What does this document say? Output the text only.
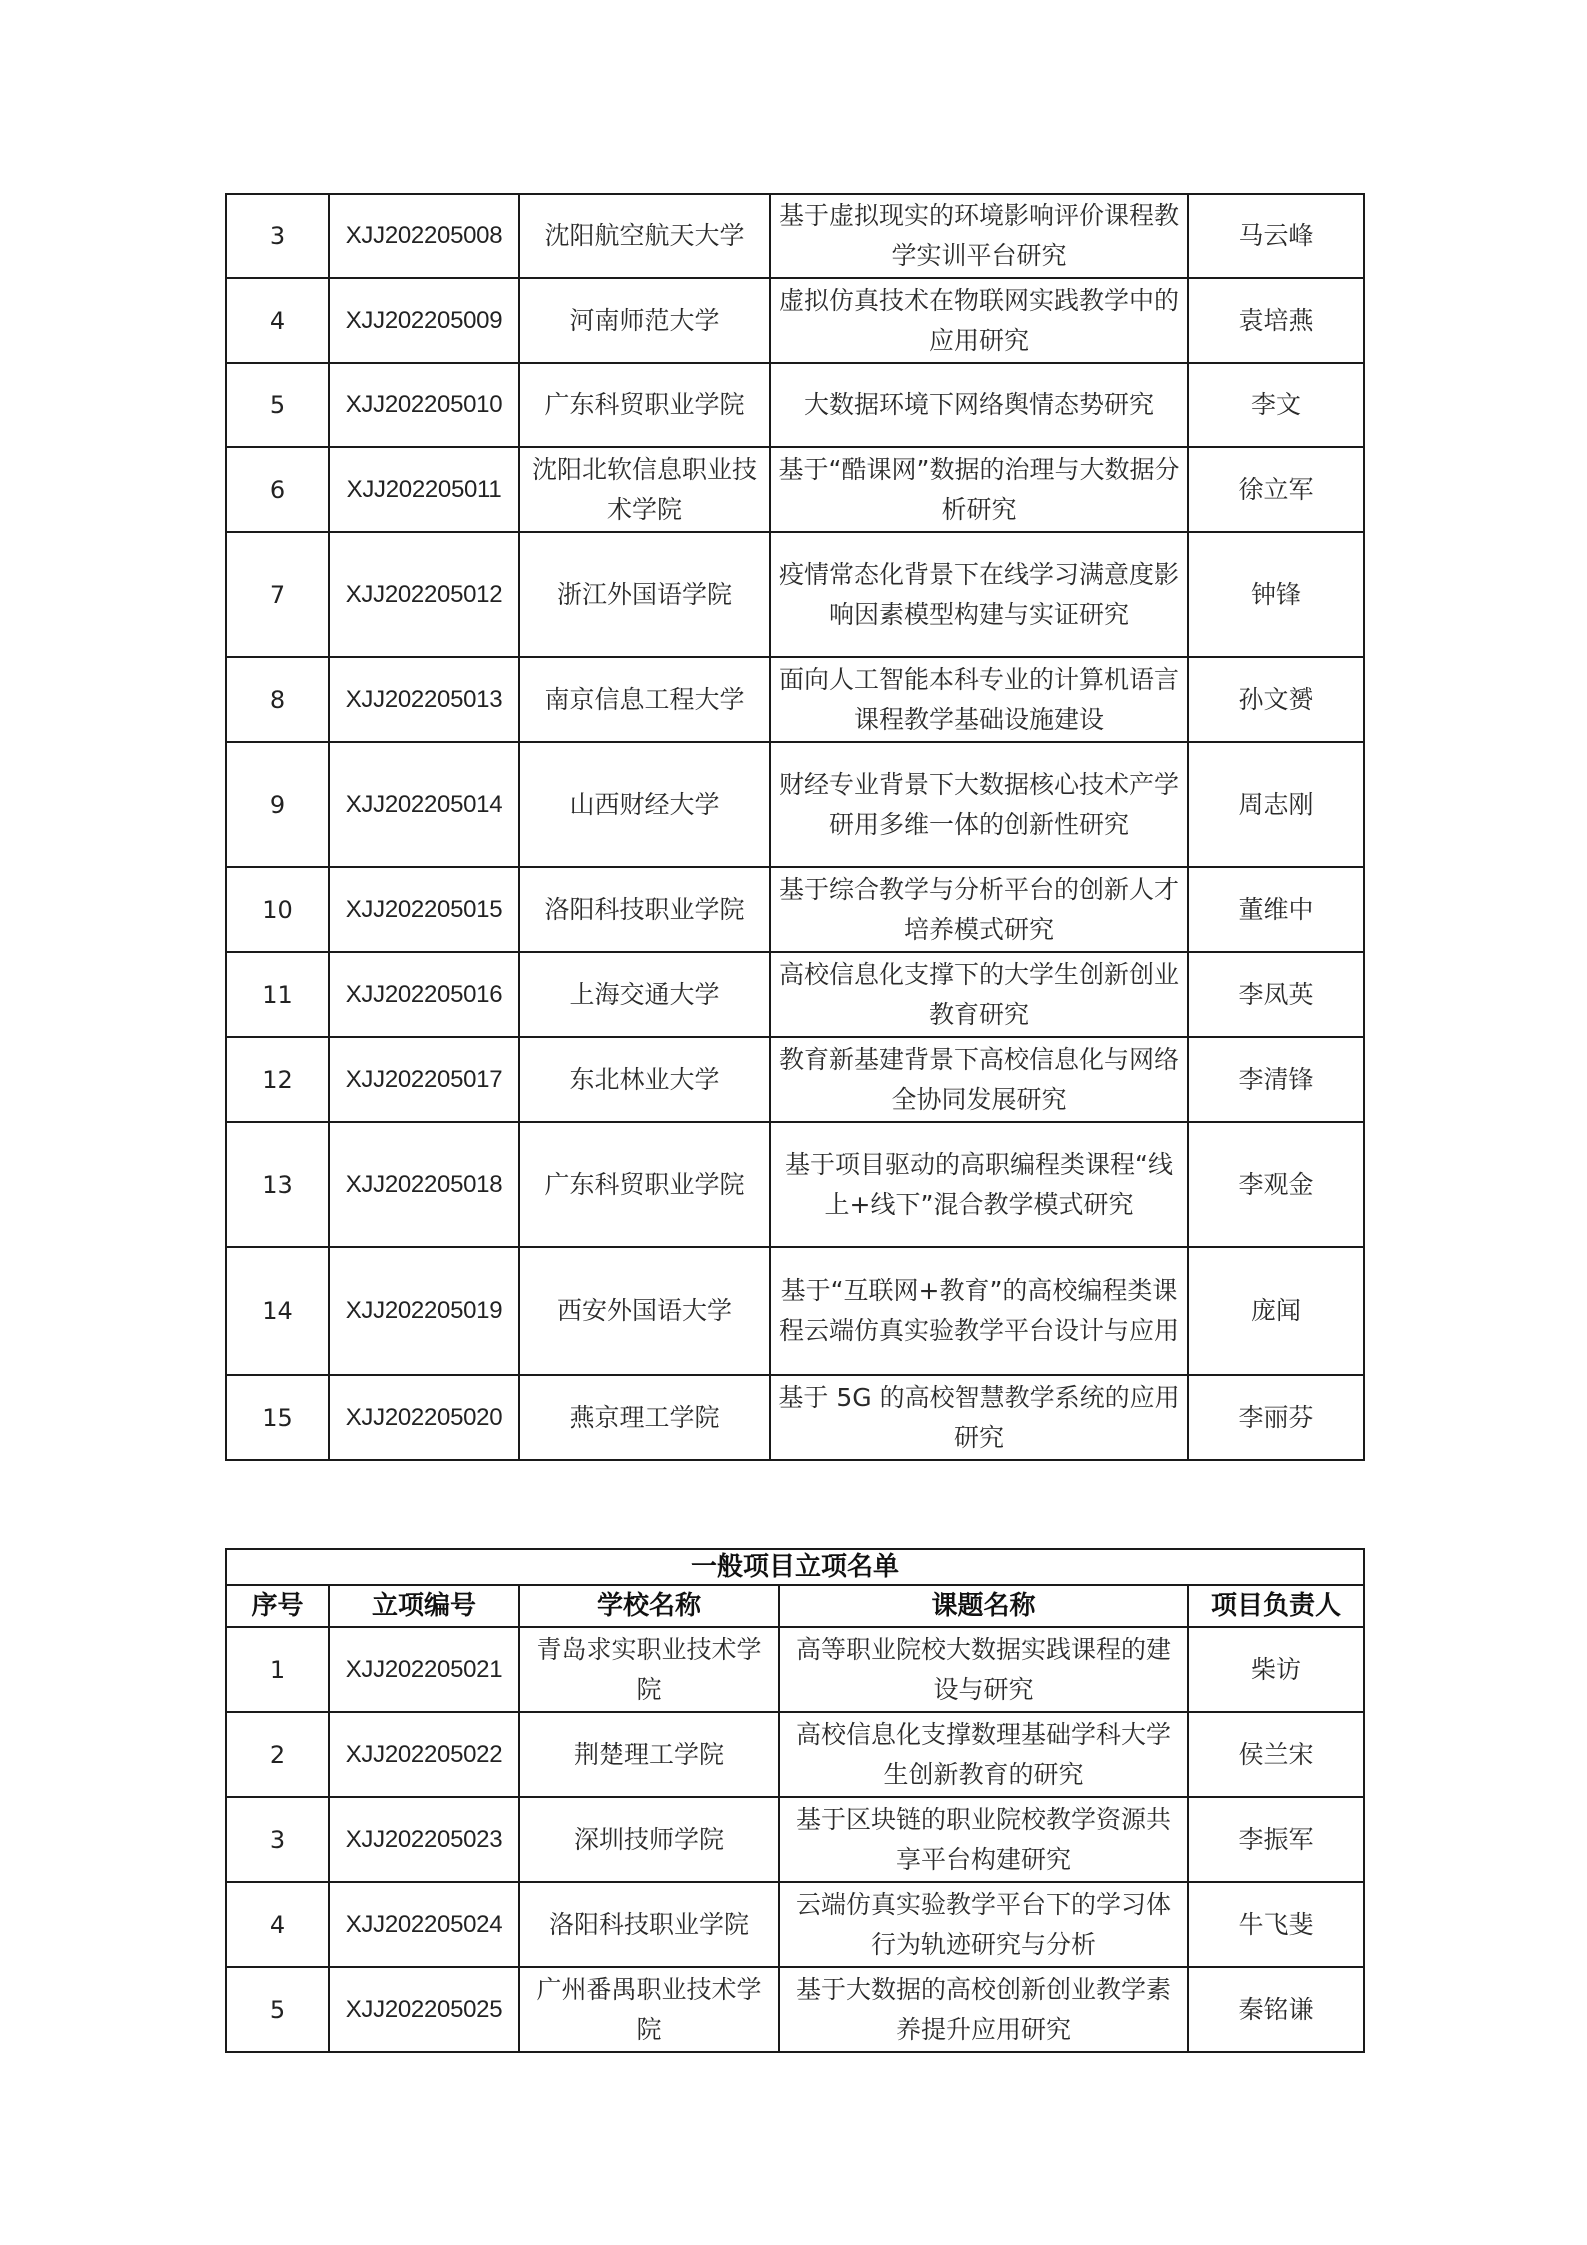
3	XJJ202205008	沈阳航空航天大学	基于虚拟现实的环境影响评价课程教学实训平台研究	马云峰
4	XJJ202205009	河南师范大学	虚拟仿真技术在物联网实践教学中的应用研究	袁培燕
5	XJJ202205010	广东科贸职业学院	大数据环境下网络舆情态势研究	李文
6	XJJ202205011	沈阳北软信息职业技术学院	基于“酷课网”数据的治理与大数据分析研究	徐立军
7	XJJ202205012	浙江外国语学院	疫情常态化背景下在线学习满意度影响因素模型构建与实证研究	钟锋
8	XJJ202205013	南京信息工程大学	面向人工智能本科专业的计算机语言课程教学基础设施建设	孙文赟
9	XJJ202205014	山西财经大学	财经专业背景下大数据核心技术产学研用多维一体的创新性研究	周志刚
10	XJJ202205015	洛阳科技职业学院	基于综合教学与分析平台的创新人才培养模式研究	董维中
11	XJJ202205016	上海交通大学	高校信息化支撑下的大学生创新创业教育研究	李凤英
12	XJJ202205017	东北林业大学	教育新基建背景下高校信息化与网络全协同发展研究	李清锋
13	XJJ202205018	广东科贸职业学院	基于项目驱动的高职编程类课程“线上+线下”混合教学模式研究	李观金
14	XJJ202205019	西安外国语大学	基于“互联网+教育”的高校编程类课程云端仿真实验教学平台设计与应用	庞闻
15	XJJ202205020	燕京理工学院	基于 5G 的高校智慧教学系统的应用研究	李丽芬
一般项目立项名单				
序号	立项编号	学校名称	课题名称	项目负责人
1	XJJ202205021	青岛求实职业技术学院	高等职业院校大数据实践课程的建设与研究	柴访
2	XJJ202205022	荆楚理工学院	高校信息化支撑数理基础学科大学生创新教育的研究	侯兰宋
3	XJJ202205023	深圳技师学院	基于区块链的职业院校教学资源共享平台构建研究	李振军
4	XJJ202205024	洛阳科技职业学院	云端仿真实验教学平台下的学习体行为轨迹研究与分析	牛飞斐
5	XJJ202205025	广州番禺职业技术学院	基于大数据的高校创新创业教学素养提升应用研究	秦铭谦
